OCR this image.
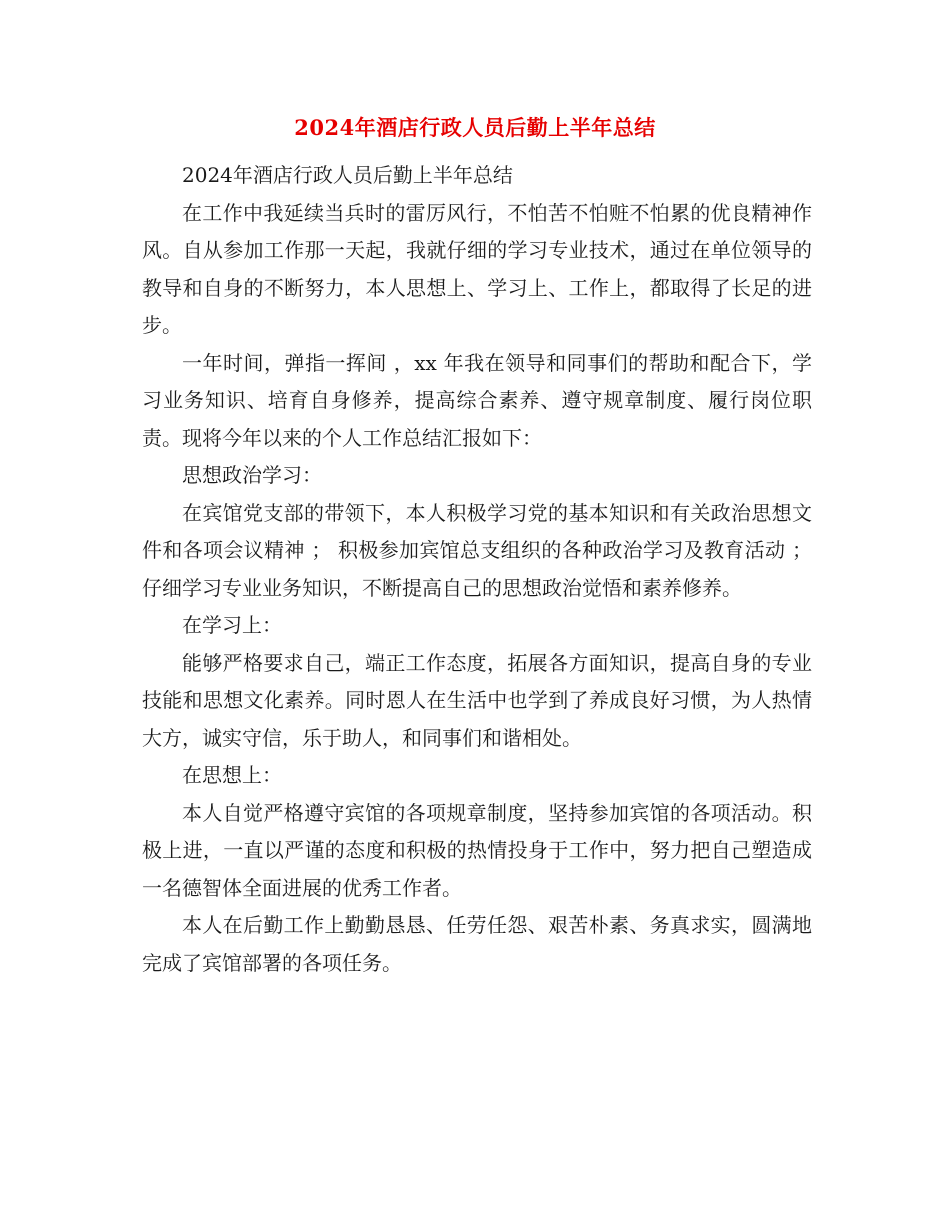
2024年酒店行政人员后勤上半年总结

2024年酒店行政人员后勤上半年总结

在工作中我延续当兵时的雷厉风行，不怕苦不怕赃不怕累的优良精神作风。自从参加工作那一天起，我就仔细的学习专业技术，通过在单位领导的教导和自身的不断努力，本人思想上、学习上、工作上，都取得了长足的进步。

一年时间，弹指一挥间 ，xx 年我在领导和同事们的帮助和配合下，学习业务知识、培育自身修养，提高综合素养、遵守规章制度、履行岗位职责。现将今年以来的个人工作总结汇报如下：

思想政治学习：

在宾馆党支部的带领下，本人积极学习党的基本知识和有关政治思想文件和各项会议精神 ； 积极参加宾馆总支组织的各种政治学习及教育活动 ； 仔细学习专业业务知识，不断提高自己的思想政治觉悟和素养修养。

在学习上：

能够严格要求自己，端正工作态度，拓展各方面知识，提高自身的专业技能和思想文化素养。同时恩人在生活中也学到了养成良好习惯，为人热情大方，诚实守信，乐于助人，和同事们和谐相处。

在思想上：

本人自觉严格遵守宾馆的各项规章制度，坚持参加宾馆的各项活动。积极上进，一直以严谨的态度和积极的热情投身于工作中，努力把自己塑造成一名德智体全面进展的优秀工作者。

本人在后勤工作上勤勤恳恳、任劳任怨、艰苦朴素、务真求实，圆满地完成了宾馆部署的各项任务。
